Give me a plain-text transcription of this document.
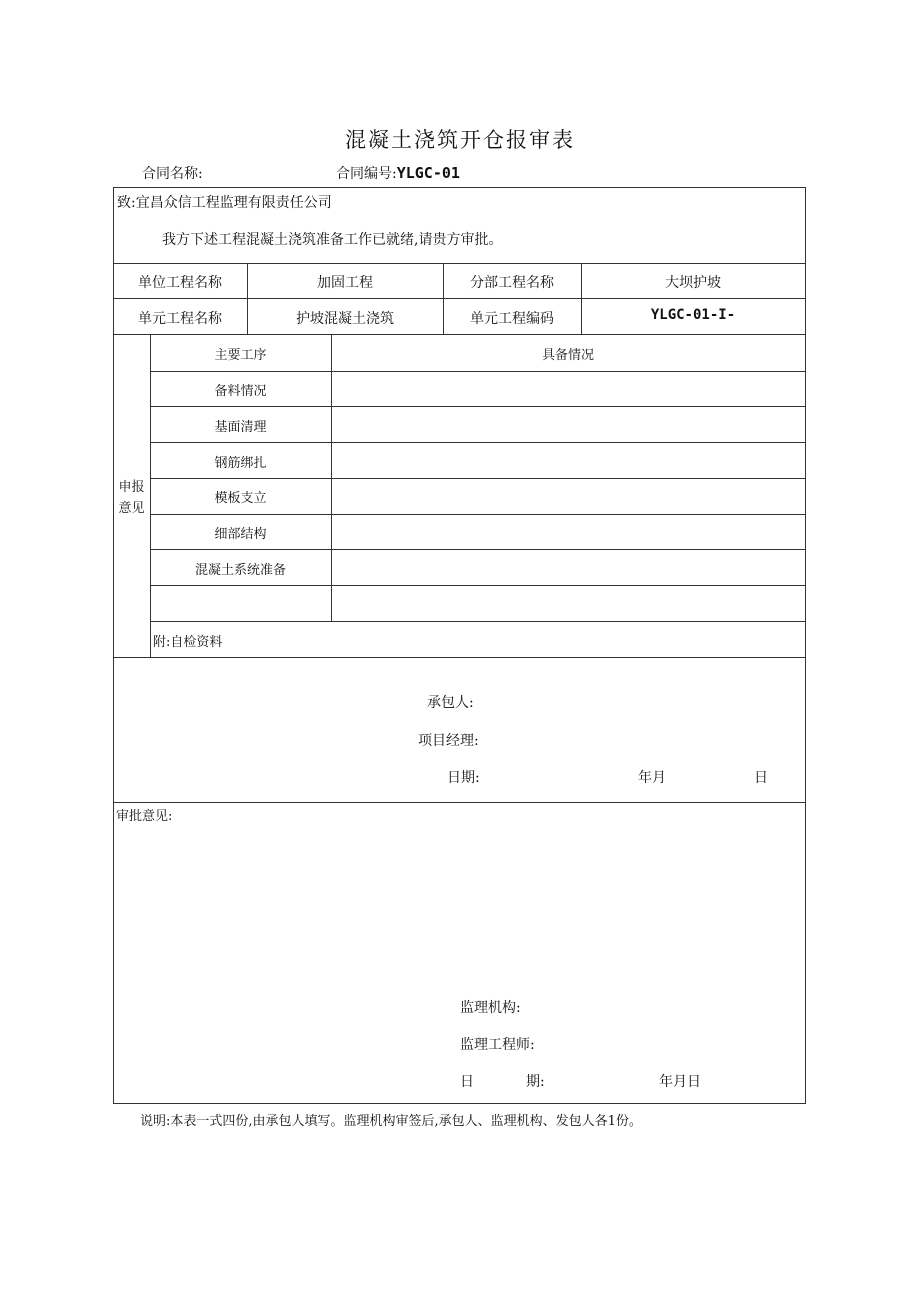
混凝土浇筑开仓报审表
合同名称:	合同编号:YLGC-01
致:宜昌众信工程监理有限责任公司
我方下述工程混凝土浇筑准备工作已就绪,请贵方审批。
单位工程名称	加固工程	分部工程名称	大坝护坡
单元工程名称	护坡混凝土浇筑	单元工程编码	YLGC-01-I-
申报
意见
主要工序	具备情况
备料情况
基面清理
钢筋绑扎
模板支立
细部结构
混凝土系统准备
附:自检资料
承包人:
项目经理:
日期:	年月	日
审批意见:
监理机构:
监理工程师:
日	期:	年月日
说明:本表一式四份,由承包人填写。监理机构审签后,承包人、监理机构、发包人各1份。
